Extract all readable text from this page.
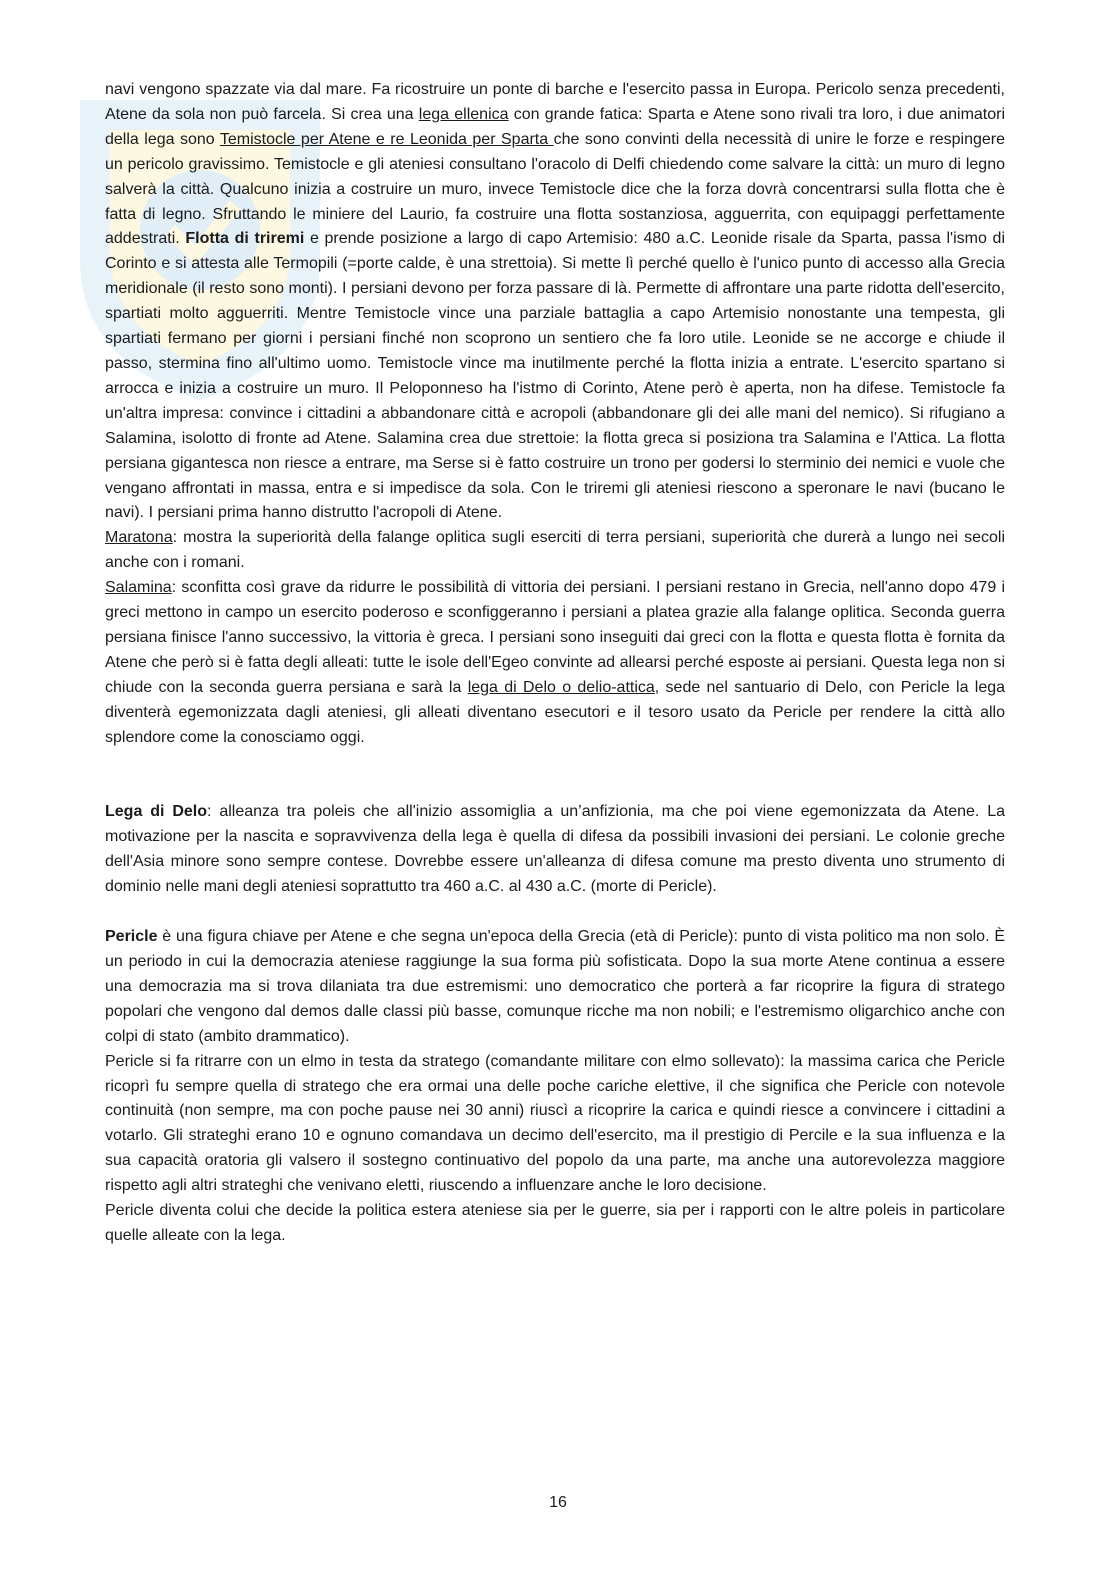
navi vengono spazzate via dal mare. Fa ricostruire un ponte di barche e l'esercito passa in Europa. Pericolo senza precedenti, Atene da sola non può farcela. Si crea una lega ellenica con grande fatica: Sparta e Atene sono rivali tra loro, i due animatori della lega sono Temistocle per Atene e re Leonida per Sparta che sono convinti della necessità di unire le forze e respingere un pericolo gravissimo. Temistocle e gli ateniesi consultano l'oracolo di Delfi chiedendo come salvare la città: un muro di legno salverà la città. Qualcuno inizia a costruire un muro, invece Temistocle dice che la forza dovrà concentrarsi sulla flotta che è fatta di legno. Sfruttando le miniere del Laurio, fa costruire una flotta sostanziosa, agguerrita, con equipaggi perfettamente addestrati. Flotta di triremi e prende posizione a largo di capo Artemisio: 480 a.C. Leonide risale da Sparta, passa l'ismo di Corinto e si attesta alle Termopili (=porte calde, è una strettoia). Si mette lì perché quello è l'unico punto di accesso alla Grecia meridionale (il resto sono monti). I persiani devono per forza passare di là. Permette di affrontare una parte ridotta dell'esercito, spartiati molto agguerriti. Mentre Temistocle vince una parziale battaglia a capo Artemisio nonostante una tempesta, gli spartiati fermano per giorni i persiani finché non scoprono un sentiero che fa loro utile. Leonide se ne accorge e chiude il passo, stermina fino all'ultimo uomo. Temistocle vince ma inutilmente perché la flotta inizia a entrate. L'esercito spartano si arrocca e inizia a costruire un muro. Il Peloponneso ha l'istmo di Corinto, Atene però è aperta, non ha difese. Temistocle fa un'altra impresa: convince i cittadini a abbandonare città e acropoli (abbandonare gli dei alle mani del nemico). Si rifugiano a Salamina, isolotto di fronte ad Atene. Salamina crea due strettoie: la flotta greca si posiziona tra Salamina e l'Attica. La flotta persiana gigantesca non riesce a entrare, ma Serse si è fatto costruire un trono per godersi lo sterminio dei nemici e vuole che vengano affrontati in massa, entra e si impedisce da sola. Con le triremi gli ateniesi riescono a speronare le navi (bucano le navi). I persiani prima hanno distrutto l'acropoli di Atene.

Maratona: mostra la superiorità della falange oplitica sugli eserciti di terra persiani, superiorità che durerà a lungo nei secoli anche con i romani.

Salamina: sconfitta così grave da ridurre le possibilità di vittoria dei persiani. I persiani restano in Grecia, nell'anno dopo 479 i greci mettono in campo un esercito poderoso e sconfiggeranno i persiani a platea grazie alla falange oplitica. Seconda guerra persiana finisce l'anno successivo, la vittoria è greca. I persiani sono inseguiti dai greci con la flotta e questa flotta è fornita da Atene che però si è fatta degli alleati: tutte le isole dell'Egeo convinte ad allearsi perché esposte ai persiani. Questa lega non si chiude con la seconda guerra persiana e sarà la lega di Delo o delio-attica, sede nel santuario di Delo, con Pericle la lega diventerà egemonizzata dagli ateniesi, gli alleati diventano esecutori e il tesoro usato da Pericle per rendere la città allo splendore come la conosciamo oggi.

Lega di Delo: alleanza tra poleis che all'inizio assomiglia a un’anfizionia, ma che poi viene egemonizzata da Atene. La motivazione per la nascita e sopravvivenza della lega è quella di difesa da possibili invasioni dei persiani. Le colonie greche dell'Asia minore sono sempre contese. Dovrebbe essere un'alleanza di difesa comune ma presto diventa uno strumento di dominio nelle mani degli ateniesi soprattutto tra 460 a.C. al 430 a.C. (morte di Pericle).

Pericle è una figura chiave per Atene e che segna un'epoca della Grecia (età di Pericle): punto di vista politico ma non solo. È un periodo in cui la democrazia ateniese raggiunge la sua forma più sofisticata. Dopo la sua morte Atene continua a essere una democrazia ma si trova dilaniata tra due estremismi: uno democratico che porterà a far ricoprire la figura di stratego popolari che vengono dal demos dalle classi più basse, comunque ricche ma non nobili; e l'estremismo oligarchico anche con colpi di stato (ambito drammatico).

Pericle si fa ritrarre con un elmo in testa da stratego (comandante militare con elmo sollevato): la massima carica che Pericle ricoprì fu sempre quella di stratego che era ormai una delle poche cariche elettive, il che significa che Pericle con notevole continuità (non sempre, ma con poche pause nei 30 anni) riuscì a ricoprire la carica e quindi riesce a convincere i cittadini a votarlo. Gli strateghi erano 10 e ognuno comandava un decimo dell'esercito, ma il prestigio di Percile e la sua influenza e la sua capacità oratoria gli valsero il sostegno continuativo del popolo da una parte, ma anche una autorevolezza maggiore rispetto agli altri strateghi che venivano eletti, riuscendo a influenzare anche le loro decisione.

Pericle diventa colui che decide la politica estera ateniese sia per le guerre, sia per i rapporti con le altre poleis in particolare quelle alleate con la lega.

16
